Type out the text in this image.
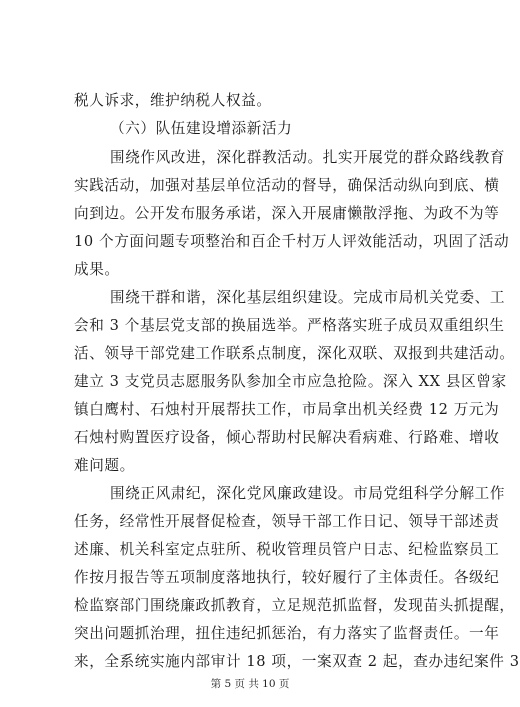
税人诉求，维护纳税人权益。
（六）队伍建设增添新活力
围绕作风改进，深化群教活动。扎实开展党的群众路线教育
实践活动，加强对基层单位活动的督导，确保活动纵向到底、横
向到边。公开发布服务承诺，深入开展庸懒散浮拖、为政不为等
10 个方面问题专项整治和百企千村万人评效能活动，巩固了活动
成果。
围绕干群和谐，深化基层组织建设。完成市局机关党委、工
会和 3 个基层党支部的换届选举。严格落实班子成员双重组织生
活、领导干部党建工作联系点制度，深化双联、双报到共建活动。
建立 3 支党员志愿服务队参加全市应急抢险。深入 XX 县区曾家
镇白鹰村、石烛村开展帮扶工作，市局拿出机关经费 12 万元为
石烛村购置医疗设备，倾心帮助村民解决看病难、行路难、增收
难问题。
围绕正风肃纪，深化党风廉政建设。市局党组科学分解工作
任务，经常性开展督促检查，领导干部工作日记、领导干部述责
述廉、机关科室定点驻所、税收管理员管户日志、纪检监察员工
作按月报告等五项制度落地执行，较好履行了主体责任。各级纪
检监察部门围绕廉政抓教育，立足规范抓监督，发现苗头抓提醒，
突出问题抓治理，扭住违纪抓惩治，有力落实了监督责任。一年
来，全系统实施内部审计 18 项，一案双查 2 起，查办违纪案件 3
第 5 页 共 10 页
